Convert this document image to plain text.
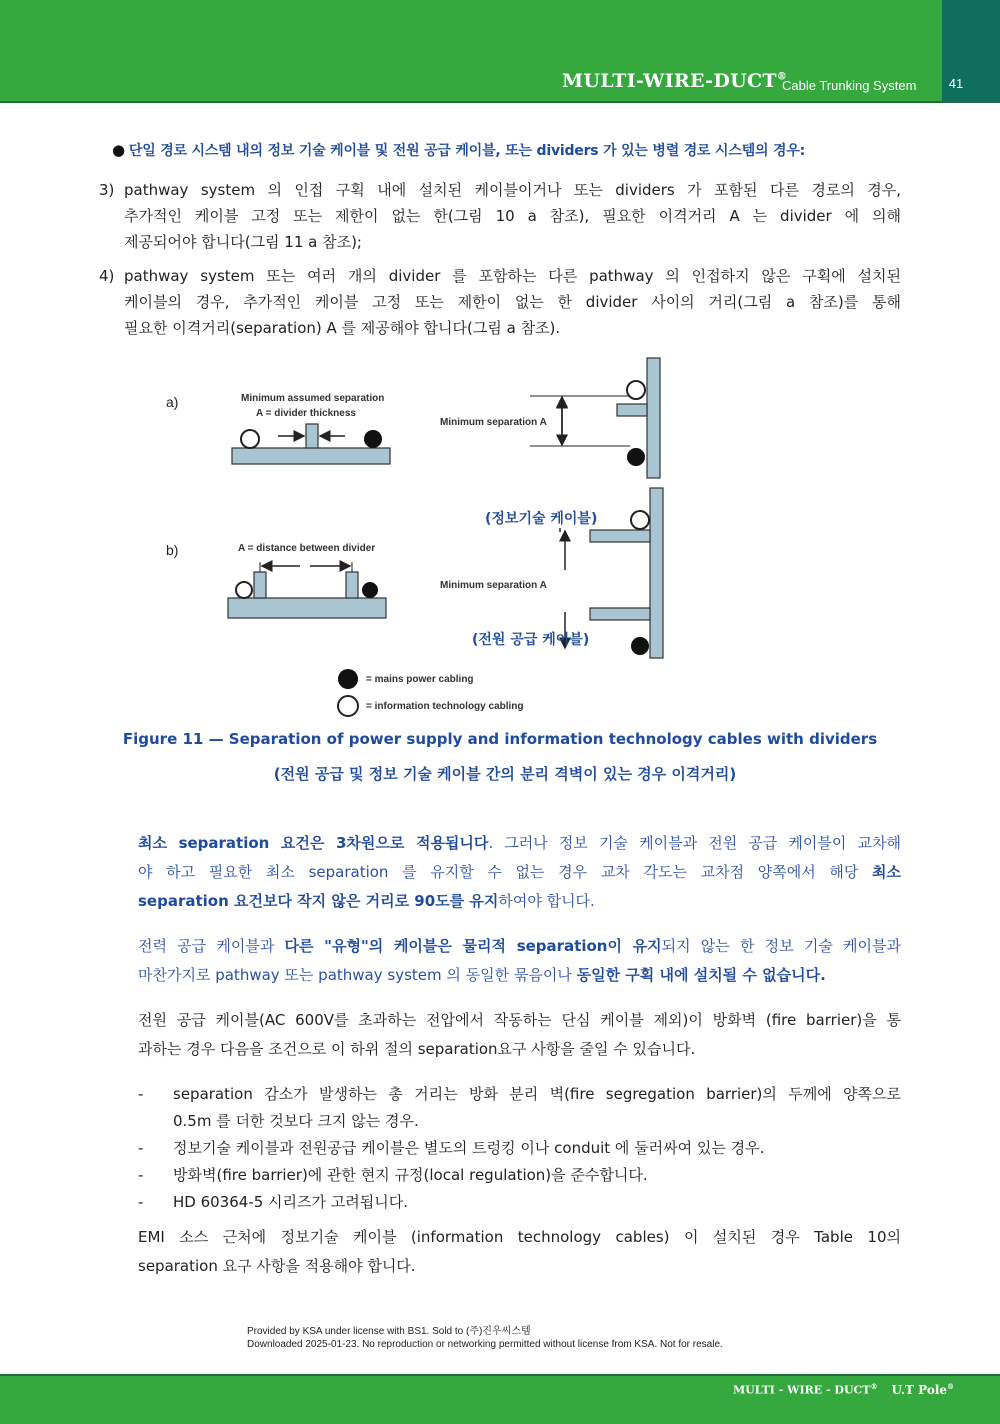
MULTI-WIRE-DUCT®
Cable Trunking System	41
● 단일 경로 시스템 내의 정보 기술 케이블 및 전원 공급 케이블, 또는 dividers 가 있는 병렬 경로 시스템의 경우:
3) pathway system 의 인접 구획 내에 설치된 케이블이거나 또는 dividers 가 포함된 다른 경로의 경우,
추가적인 케이블 고정 또는 제한이 없는 한(그림 10 a 참조), 필요한 이격거리 A 는 divider 에 의해
제공되어야 합니다(그림 11 a 참조);
4) pathway system 또는 여러 개의 divider 를 포함하는 다른 pathway 의 인접하지 않은 구획에 설치된
케이블의 경우, 추가적인 케이블 고정 또는 제한이 없는 한 divider 사이의 거리(그림 a 참조)를 통해
필요한 이격거리(separation) A 를 제공해야 합니다(그림 a 참조).
a)
b)
Minimum assumed separation
A = divider thickness
Minimum separation A
A = distance between divider
Minimum separation A
(정보기술 케이블)
(전원 공급 케이블)
= mains power cabling
= information technology cabling
Figure 11 — Separation of power supply and information technology cables with dividers
(전원 공급 및 정보 기술 케이블 간의 분리 격벽이 있는 경우 이격거리)
최소 separation 요건은 3차원으로 적용됩니다. 그러나 정보 기술 케이블과 전원 공급 케이블이 교차해
야 하고 필요한 최소 separation 를 유지할 수 없는 경우 교차 각도는 교차점 양쪽에서 해당 최소
separation 요건보다 작지 않은 거리로 90도를 유지하여야 합니다.
전력 공급 케이블과 다른 "유형"의 케이블은 물리적 separation이 유지되지 않는 한 정보 기술 케이블과
마찬가지로 pathway 또는 pathway system 의 동일한 묶음이나 동일한 구획 내에 설치될 수 없습니다.
전원 공급 케이블(AC 600V를 초과하는 전압에서 작동하는 단심 케이블 제외)이 방화벽 (fire barrier)을 통
과하는 경우 다음을 조건으로 이 하위 절의 separation요구 사항을 줄일 수 있습니다.
- separation 감소가 발생하는 총 거리는 방화 분리 벽(fire segregation barrier)의 두께에 양쪽으로
0.5m 를 더한 것보다 크지 않는 경우.
- 정보기술 케이블과 전원공급 케이블은 별도의 트렁킹 이나 conduit 에 둘러싸여 있는 경우.
- 방화벽(fire barrier)에 관한 현지 규정(local regulation)을 준수합니다.
- HD 60364-5 시리즈가 고려됩니다.
EMI 소스 근처에 정보기술 케이블 (information technology cables) 이 설치된 경우 Table 10의
separation 요구 사항을 적용해야 합니다.
Provided by KSA under license with BS1. Sold to (주)진우씨스템
Downloaded 2025-01-23. No reproduction or networking permitted without license from KSA. Not for resale.
MULTI - WIRE - DUCT® U.T Pole®
